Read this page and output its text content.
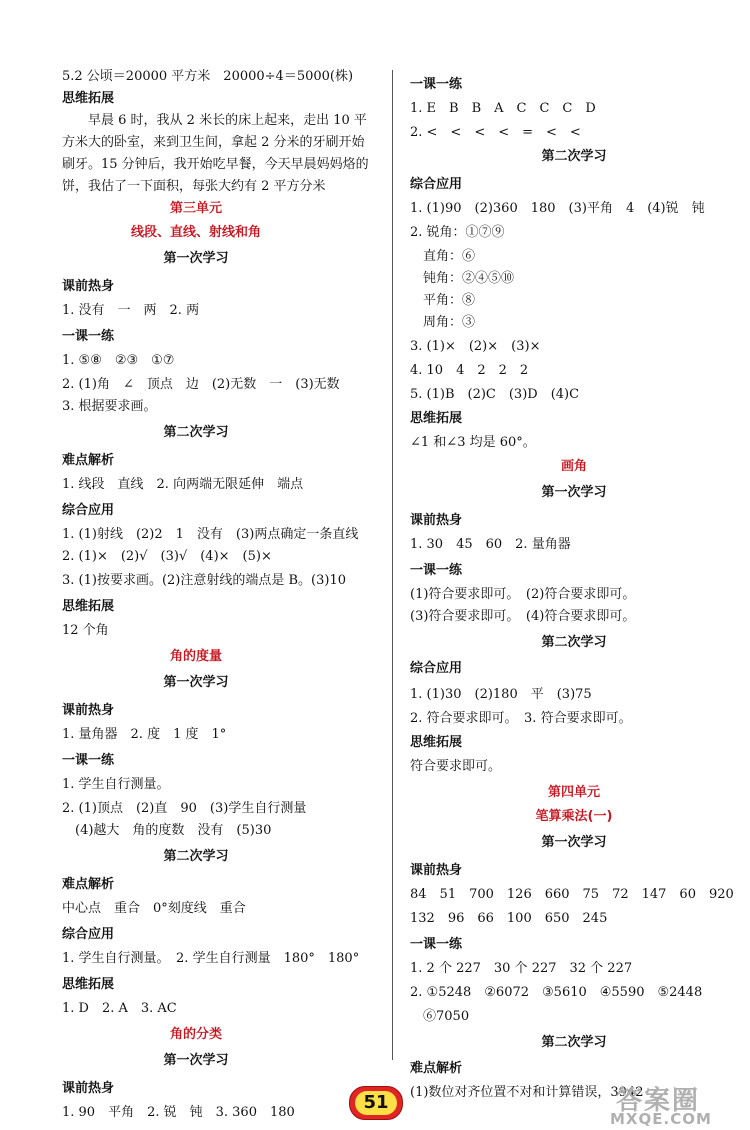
5.2 公顷＝20000 平方米　20000÷4＝5000(株)
思维拓展
　　早晨 6 时，我从 2 米长的床上起来，走出 10 平
方米大的卧室，来到卫生间，拿起 2 分米的牙刷开始
刷牙。15 分钟后，我开始吃早餐，今天早晨妈妈烙的
饼，我估了一下面积，每张大约有 2 平方分米
第三单元
线段、直线、射线和角
第一次学习
课前热身
1. 没有　一　两　2. 两
一课一练
1. ⑤⑧　②③　①⑦
2. (1)角　∠　顶点　边　(2)无数　一　(3)无数
3. 根据要求画。
第二次学习
难点解析
1. 线段　直线　2. 向两端无限延伸　端点
综合应用
1. (1)射线　(2)2　1　没有　(3)两点确定一条直线
2. (1)×　(2)√　(3)√　(4)×　(5)×
3. (1)按要求画。(2)注意射线的端点是 B。(3)10
思维拓展
12 个角
角的度量
第一次学习
课前热身
1. 量角器　2. 度　1 度　1°
一课一练
1. 学生自行测量。
2. (1)顶点　(2)直　90　(3)学生自行测量
　(4)越大　角的度数　没有　(5)30
第二次学习
难点解析
中心点　重合　0°刻度线　重合
综合应用
1. 学生自行测量。　2. 学生自行测量　180°　180°
思维拓展
1. D　2. A　3. AC
角的分类
第一次学习
课前热身
1. 90　平角　2. 锐　钝　3. 360　180
一课一练
1. E　B　B　A　C　C　C　D
2. <　<　<　<　=　<　<
第二次学习
综合应用
1. (1)90　(2)360　180　(3)平角　4　(4)锐　钝
2. 锐角：①⑦⑨
　直角：⑥
　钝角：②④⑤⑩
　平角：⑧
　周角：③
3. (1)×　(2)×　(3)×
4. 10　4　2　2　2
5. (1)B　(2)C　(3)D　(4)C
思维拓展
∠1 和∠3 均是 60°。
画角
第一次学习
课前热身
1. 30　45　60　2. 量角器
一课一练
(1)符合要求即可。　(2)符合要求即可。
(3)符合要求即可。　(4)符合要求即可。
第二次学习
综合应用
1. (1)30　(2)180　平　(3)75
2. 符合要求即可。　3. 符合要求即可。
思维拓展
符合要求即可。
第四单元
笔算乘法(一)
第一次学习
课前热身
84　51　700　126　660　75　72　147　60　920
132　96　66　100　650　245
一课一练
1. 2 个 227　30 个 227　32 个 227
2. ①5248　②6072　③5610　④5590　⑤2448
　⑥7050
第二次学习
难点解析
(1)数位对齐位置不对和计算错误，3942
51	答案圈
MXQE.COM
